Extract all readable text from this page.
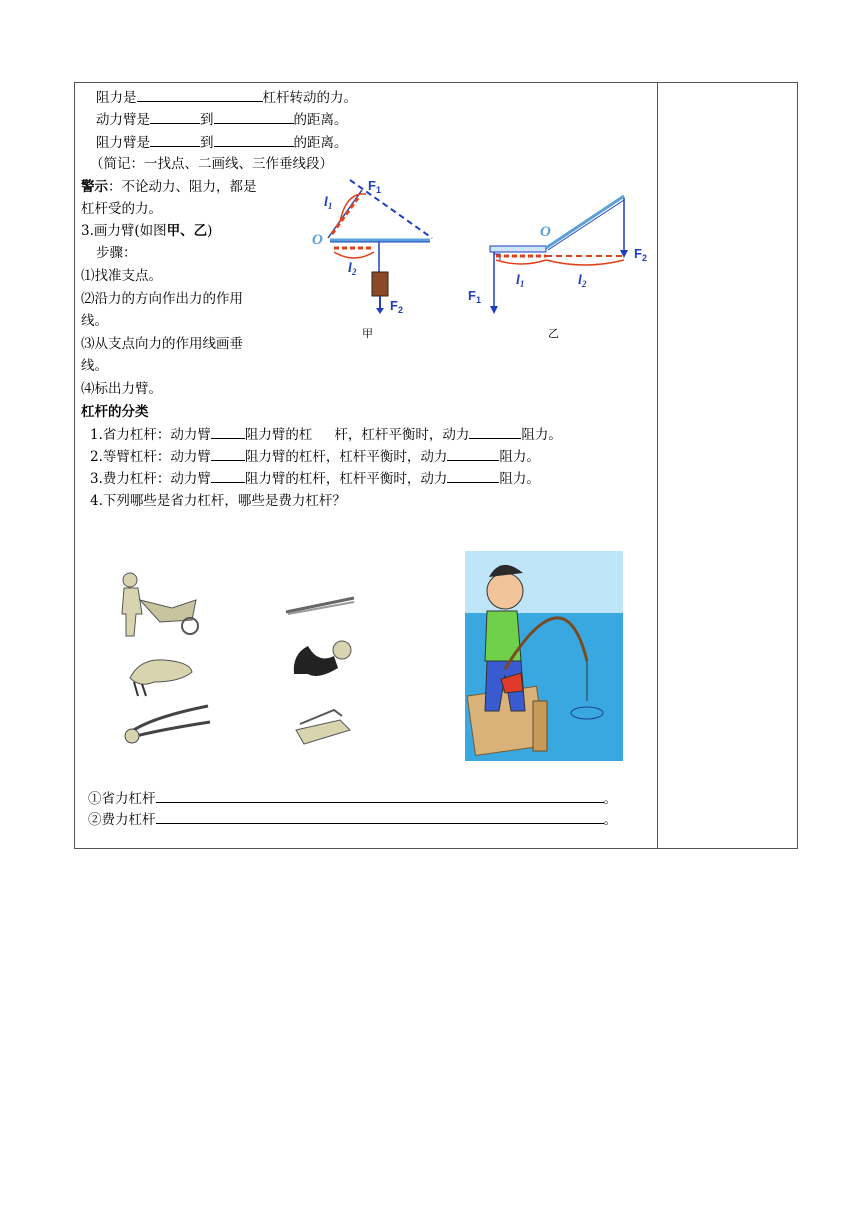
阻力是	杠杆转动的力。
动力臂是	到	的距离。
阻力臂是	到	的距离。
（简记：一找点、二画线、三作垂线段）
警示：不论动力、阻力，都是
杠杆受的力。
3.画力臂(如图甲、乙)
步骤：
⑴找准支点。
⑵沿力的方向作出力的作用
线。
⑶从支点向力的作用线画垂
线。
⑷标出力臂。
杠杆的分类
1.省力杠杆：动力臂	阻力臂的杠 杆，杠杆平衡时，动力	阻力。
2.等臂杠杆：动力臂	阻力臂的杠杆，杠杆平衡时，动力	阻力。
3.费力杠杆：动力臂	阻力臂的杠杆，杠杆平衡时，动力	阻力。
4.下列哪些是省力杠杆，哪些是费力杠杆？
①省力杠杆	。
②费力杠杆	。
O
$F_1$
$l_1$
$l_2$
$F_2$
甲
O
$F_2$
$F_1$
$l_1$	$l_2$
乙
